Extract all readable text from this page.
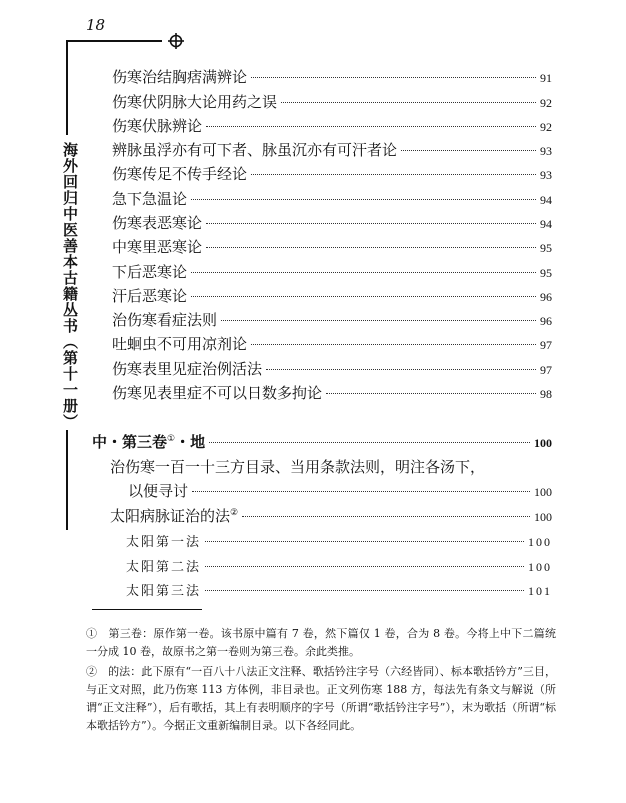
18
海外回归中医善本古籍丛书（第十一册）
伤寒治结胸痞满辨论	91
伤寒伏阴脉大论用药之误	92
伤寒伏脉辨论	92
辨脉虽浮亦有可下者、脉虽沉亦有可汗者论	93
伤寒传足不传手经论	93
急下急温论	94
伤寒表恶寒论	94
中寒里恶寒论	95
下后恶寒论	95
汗后恶寒论	96
治伤寒看症法则	96
吐蛔虫不可用凉剂论	97
伤寒表里见症治例活法	97
伤寒见表里症不可以日数多拘论	98
中・第三卷①・地	100
治伤寒一百一十三方目录、当用条款法则，明注各汤下，
以便寻讨	100
太阳病脉证治的法②	100
太阳第一法	100
太阳第二法	100
太阳第三法	101
①　第三卷：原作第一卷。该书原中篇有 7 卷，然下篇仅 1 卷，合为 8 卷。今将上中下二篇统一分成 10 卷，故原书之第一卷则为第三卷。余此类推。
②　的法：此下原有“一百八十八法正文注释、歌括钤注字号（六经皆同）、标本歌括钤方”三目，与正文对照，此乃伤寒 113 方体例，非目录也。正文列伤寒 188 方，每法先有条文与解说（所谓“正文注释”），后有歌括，其上有表明顺序的字号（所谓“歌括钤注字号”），末为歌括（所谓“标本歌括钤方”）。今据正文重新编制目录。以下各经同此。
